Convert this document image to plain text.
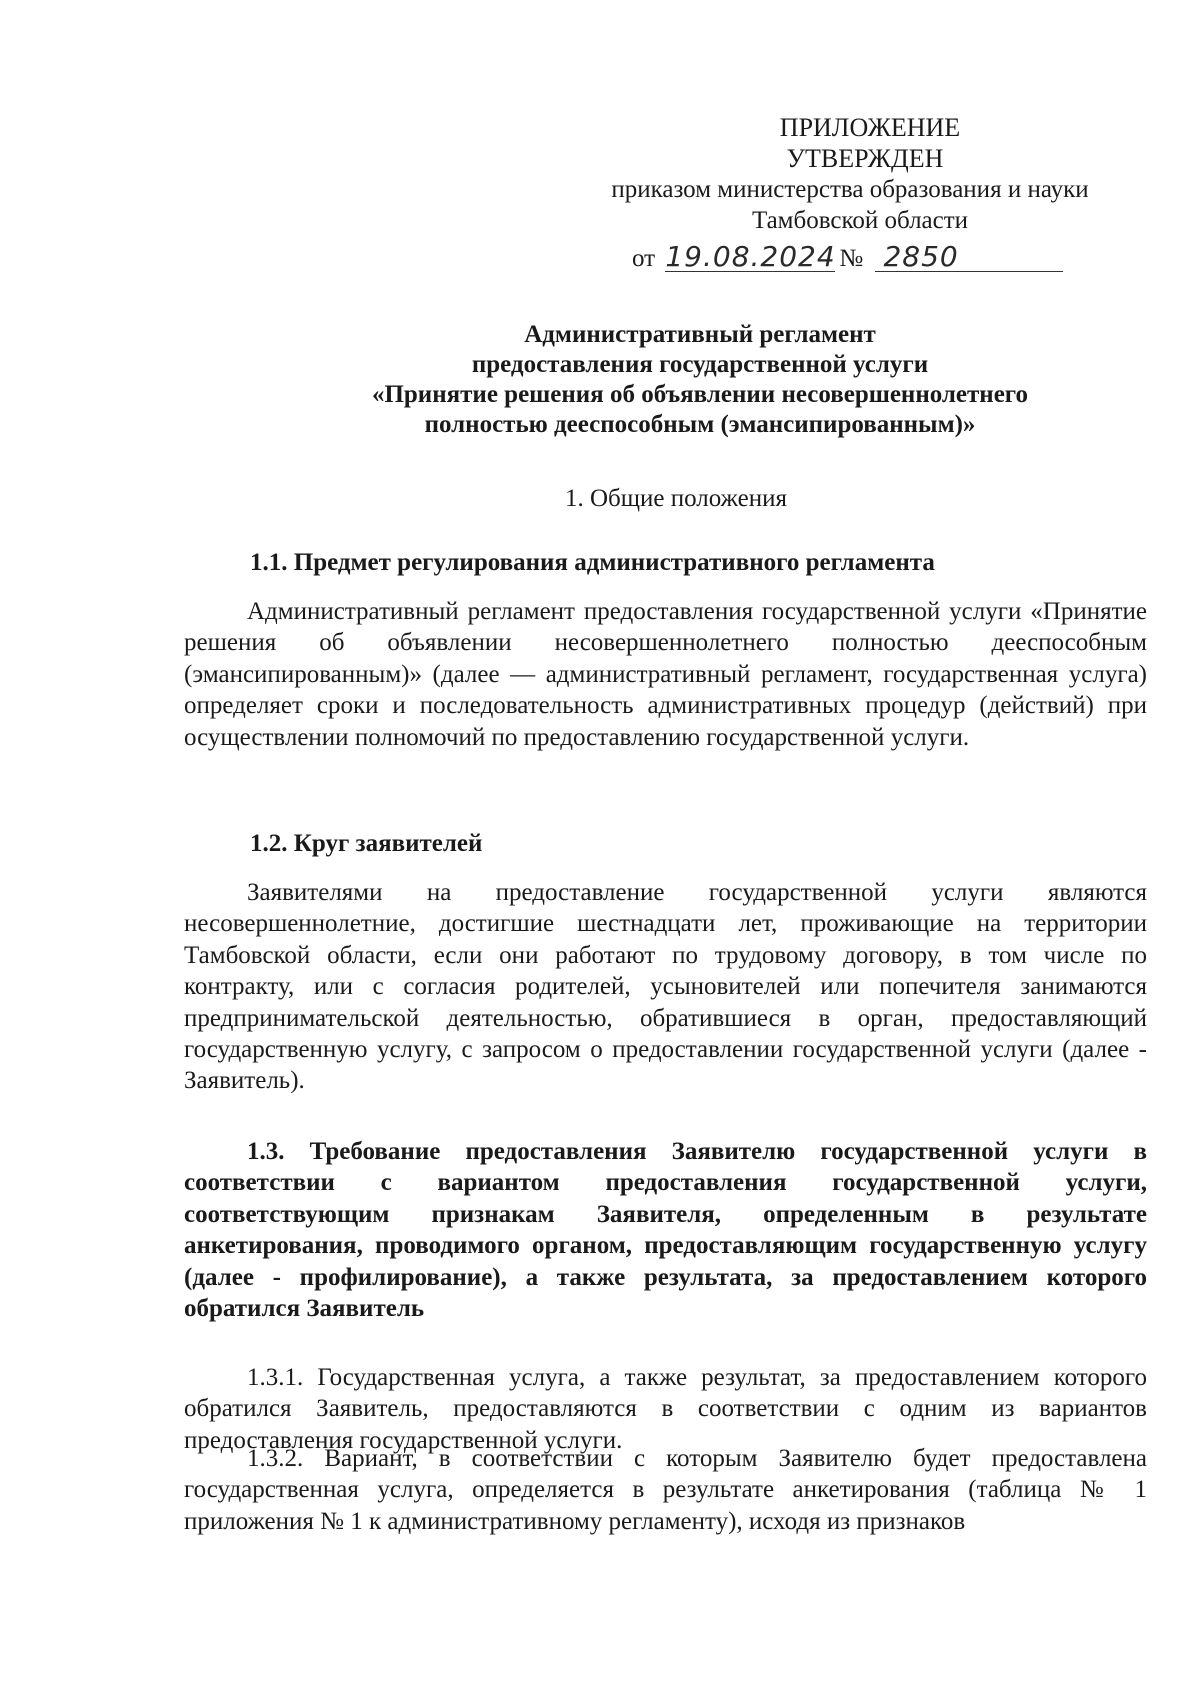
ПРИЛОЖЕНИЕ
УТВЕРЖДЕН
приказом министерства образования и науки
Тамбовской области
от 19.08.2024 № 2850
Административный регламент
предоставления государственной услуги
«Принятие решения об объявлении несовершеннолетнего
полностью дееспособным (эмансипированным)»
1. Общие положения
1.1. Предмет регулирования административного регламента

Административный регламент предоставления государственной услуги «Принятие решения об объявлении несовершеннолетнего полностью дееспособным (эмансипированным)» (далее — административный регламент, государственная услуга) определяет сроки и последовательность административных процедур (действий) при осуществлении полномочий по предоставлению государственной услуги.

1.2. Круг заявителей

Заявителями на предоставление государственной услуги являются несовершеннолетние, достигшие шестнадцати лет, проживающие на территории Тамбовской области, если они работают по трудовому договору, в том числе по контракту, или с согласия родителей, усыновителей или попечителя занимаются предпринимательской деятельностью, обратившиеся в орган, предоставляющий государственную услугу, с запросом о предоставлении государственной услуги (далее - Заявитель).

1.3. Требование предоставления Заявителю государственной услуги в соответствии с вариантом предоставления государственной услуги, соответствующим признакам Заявителя, определенным в результате анкетирования, проводимого органом, предоставляющим государственную услугу (далее - профилирование), а также результата, за предоставлением которого обратился Заявитель

1.3.1. Государственная услуга, а также результат, за предоставлением которого обратился Заявитель, предоставляются в соответствии с одним из вариантов предоставления государственной услуги.

1.3.2. Вариант, в соответствии с которым Заявителю будет предоставлена государственная услуга, определяется в результате анкетирования (таблица № 1 приложения № 1 к административному регламенту), исходя из признаков
